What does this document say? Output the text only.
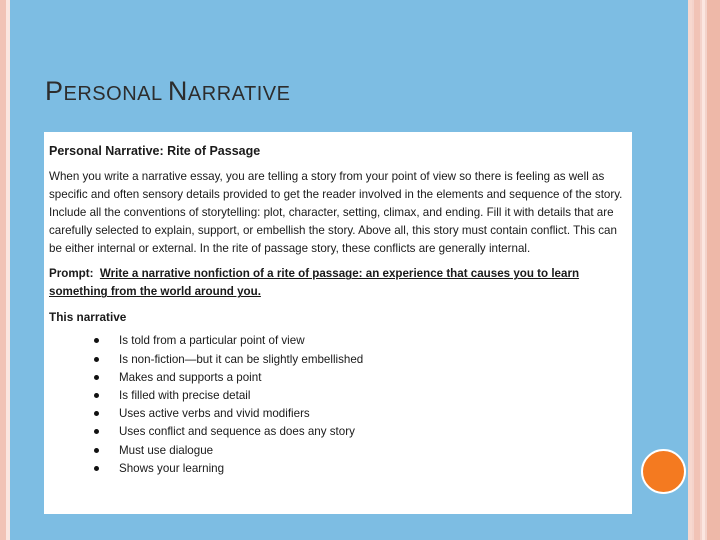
PERSONAL NARRATIVE

Personal Narrative: Rite of Passage

When you write a narrative essay, you are telling a story from your point of view so there is feeling as well as specific and often sensory details provided to get the reader involved in the elements and sequence of the story. Include all the conventions of storytelling: plot, character, setting, climax, and ending. Fill it with details that are carefully selected to explain, support, or embellish the story. Above all, this story must contain conflict. This can be either internal or external. In the rite of passage story, these conflicts are generally internal.

Prompt: Write a narrative nonfiction of a rite of passage: an experience that causes you to learn something from the world around you.

This narrative

Is told from a particular point of view
Is non-fiction—but it can be slightly embellished
Makes and supports a point
Is filled with precise detail
Uses active verbs and vivid modifiers
Uses conflict and sequence as does any story
Must use dialogue
Shows your learning
